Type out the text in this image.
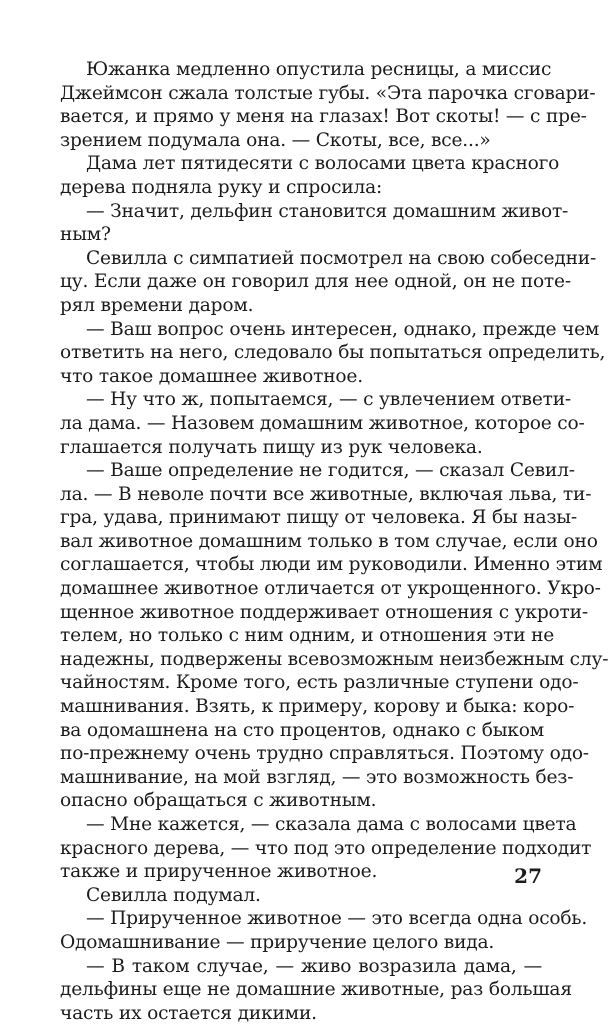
Южанка медленно опустила ресницы, а миссис
Джеймсон сжала толстые губы. «Эта парочка сговари-
вается, и прямо у меня на глазах! Вот скоты! — с пре-
зрением подумала она. — Скоты, все, все...»
Дама лет пятидесяти с волосами цвета красного
дерева подняла руку и спросила:
— Значит, дельфин становится домашним живот-
ным?
Севилла с симпатией посмотрел на свою собеседни-
цу. Если даже он говорил для нее одной, он не поте-
рял времени даром.
— Ваш вопрос очень интересен, однако, прежде чем
ответить на него, следовало бы попытаться определить,
что такое домашнее животное.
— Ну что ж, попытаемся, — с увлечением ответи-
ла дама. — Назовем домашним животное, которое со-
глашается получать пищу из рук человека.
— Ваше определение не годится, — сказал Севил-
ла. — В неволе почти все животные, включая льва, ти-
гра, удава, принимают пищу от человека. Я бы назы-
вал животное домашним только в том случае, если оно
соглашается, чтобы люди им руководили. Именно этим
домашнее животное отличается от укрощенного. Укро-
щенное животное поддерживает отношения с укроти-
телем, но только с ним одним, и отношения эти не
надежны, подвержены всевозможным неизбежным слу-
чайностям. Кроме того, есть различные ступени одо-
машнивания. Взять, к примеру, корову и быка: коро-
ва одомашнена на сто процентов, однако с быком
по-прежнему очень трудно справляться. Поэтому одо-
машнивание, на мой взгляд, — это возможность без-
опасно обращаться с животным.
— Мне кажется, — сказала дама с волосами цвета
красного дерева, — что под это определение подходит
также и прирученное животное.
Севилла подумал.
— Прирученное животное — это всегда одна особь.
Одомашнивание — приручение целого вида.
— В таком случае, — живо возразила дама, —
дельфины еще не домашние животные, раз большая
часть их остается дикими.
27
